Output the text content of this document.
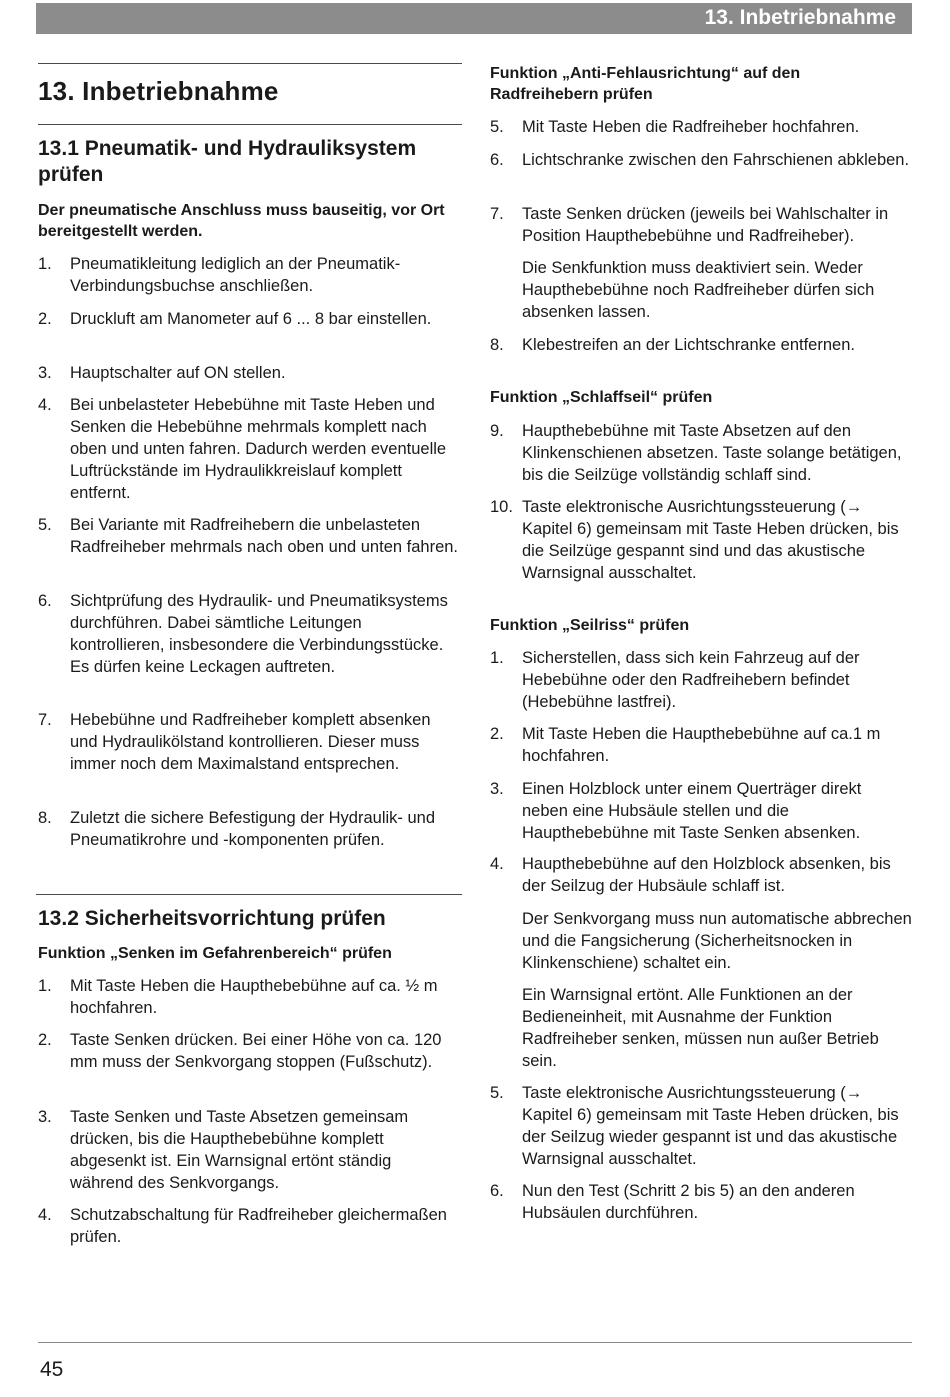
13. Inbetriebnahme
13. Inbetriebnahme
13.1 Pneumatik- und Hydrauliksystem prüfen

Der pneumatische Anschluss muss bauseitig, vor Ort bereitgestellt werden.

1. Pneumatikleitung lediglich an der Pneumatik-Verbindungsbuchse anschließen.
2. Druckluft am Manometer auf 6 ... 8 bar einstellen.
3. Hauptschalter auf ON stellen.
4. Bei unbelasteter Hebebühne mit Taste Heben und Senken die Hebebühne mehrmals komplett nach oben und unten fahren. Dadurch werden eventuelle Luftrückstände im Hydraulikkreislauf komplett entfernt.
5. Bei Variante mit Radfreihebern die unbelasteten Radfreiheber mehrmals nach oben und unten fahren.
6. Sichtprüfung des Hydraulik- und Pneumatiksystems durchführen. Dabei sämtliche Leitungen kontrollieren, insbesondere die Verbindungsstücke. Es dürfen keine Leckagen auftreten.
7. Hebebühne und Radfreiheber komplett absenken und Hydraulikölstand kontrollieren. Dieser muss immer noch dem Maximalstand entsprechen.
8. Zuletzt die sichere Befestigung der Hydraulik- und Pneumatikrohre und -komponenten prüfen.
13.2 Sicherheitsvorrichtung prüfen
Funktion „Senken im Gefahrenbereich“ prüfen
1. Mit Taste Heben die Haupthebebühne auf ca. ½ m hochfahren.
2. Taste Senken drücken. Bei einer Höhe von ca. 120 mm muss der Senkvorgang stoppen (Fußschutz).
3. Taste Senken und Taste Absetzen gemeinsam drücken, bis die Haupthebebühne komplett abgesenkt ist. Ein Warnsignal ertönt ständig während des Senkvorgangs.
4. Schutzabschaltung für Radfreiheber gleichermaßen prüfen.
Funktion „Anti-Fehlausrichtung“ auf den Radfreihebern prüfen
5. Mit Taste Heben die Radfreiheber hochfahren.
6. Lichtschranke zwischen den Fahrschienen abkleben.
7. Taste Senken drücken (jeweils bei Wahlschalter in Position Haupthebebühne und Radfreiheber).
Die Senkfunktion muss deaktiviert sein. Weder Haupthebebühne noch Radfreiheber dürfen sich absenken lassen.
8. Klebestreifen an der Lichtschranke entfernen.
Funktion „Schlaffseil“ prüfen
9. Haupthebebühne mit Taste Absetzen auf den Klinkenschienen absetzen. Taste solange betätigen, bis die Seilzüge vollständig schlaff sind.
10. Taste elektronische Ausrichtungssteuerung (→ Kapitel 6) gemeinsam mit Taste Heben drücken, bis die Seilzüge gespannt sind und das akustische Warnsignal ausschaltet.
Funktion „Seilriss“ prüfen
1. Sicherstellen, dass sich kein Fahrzeug auf der Hebebühne oder den Radfreihebern befindet (Hebebühne lastfrei).
2. Mit Taste Heben die Haupthebebühne auf ca.1 m hochfahren.
3. Einen Holzblock unter einem Querträger direkt neben eine Hubsäule stellen und die Haupthebebühne mit Taste Senken absenken.
4. Haupthebebühne auf den Holzblock absenken, bis der Seilzug der Hubsäule schlaff ist.
Der Senkvorgang muss nun automatische abbrechen und die Fangsicherung (Sicherheitsnocken in Klinkenschiene) schaltet ein.
Ein Warnsignal ertönt. Alle Funktionen an der Bedieneinheit, mit Ausnahme der Funktion Radfreiheber senken, müssen nun außer Betrieb sein.
5. Taste elektronische Ausrichtungssteuerung (→ Kapitel 6) gemeinsam mit Taste Heben drücken, bis der Seilzug wieder gespannt ist und das akustische Warnsignal ausschaltet.
6. Nun den Test (Schritt 2 bis 5) an den anderen Hubsäulen durchführen.
45
